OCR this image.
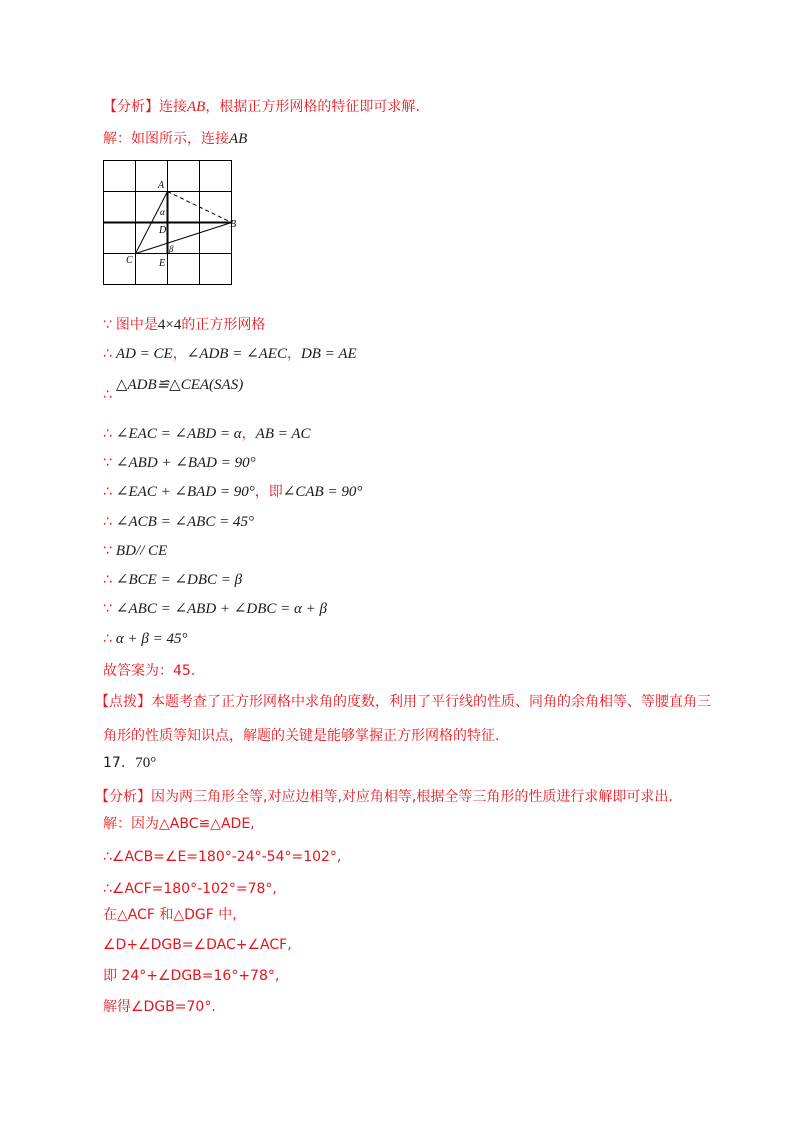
【分析】连接AB，根据正方形网格的特征即可求解.
解：如图所示，连接AB
A
B
C
D
E
α
β
∵ 图中是4×4的正方形网格
∴ AD = CE，∠ADB = ∠AEC，DB = AE
∴△ADB≌△CEA(SAS)
∴ ∠EAC = ∠ABD = α，AB = AC
∵ ∠ABD + ∠BAD = 90°
∴ ∠EAC + ∠BAD = 90°，即∠CAB = 90°
∴ ∠ACB = ∠ABC = 45°
∵ BD// CE
∴ ∠BCE = ∠DBC = β
∵ ∠ABC = ∠ABD + ∠DBC = α + β
∴ α + β = 45°
故答案为：45.
【点拨】本题考查了正方形网格中求角的度数，利用了平行线的性质、同角的余角相等、等腰直角三
角形的性质等知识点，解题的关键是能够掌握正方形网格的特征.
17. 70°
【分析】因为两三角形全等,对应边相等,对应角相等,根据全等三角形的性质进行求解即可求出.
解：因为△ABC≌△ADE,
∴∠ACB=∠E=180°-24°-54°=102°,
∴∠ACF=180°-102°=78°,
在△ACF 和△DGF 中,
∠D+∠DGB=∠DAC+∠ACF,
即 24°+∠DGB=16°+78°,
解得∠DGB=70°.
